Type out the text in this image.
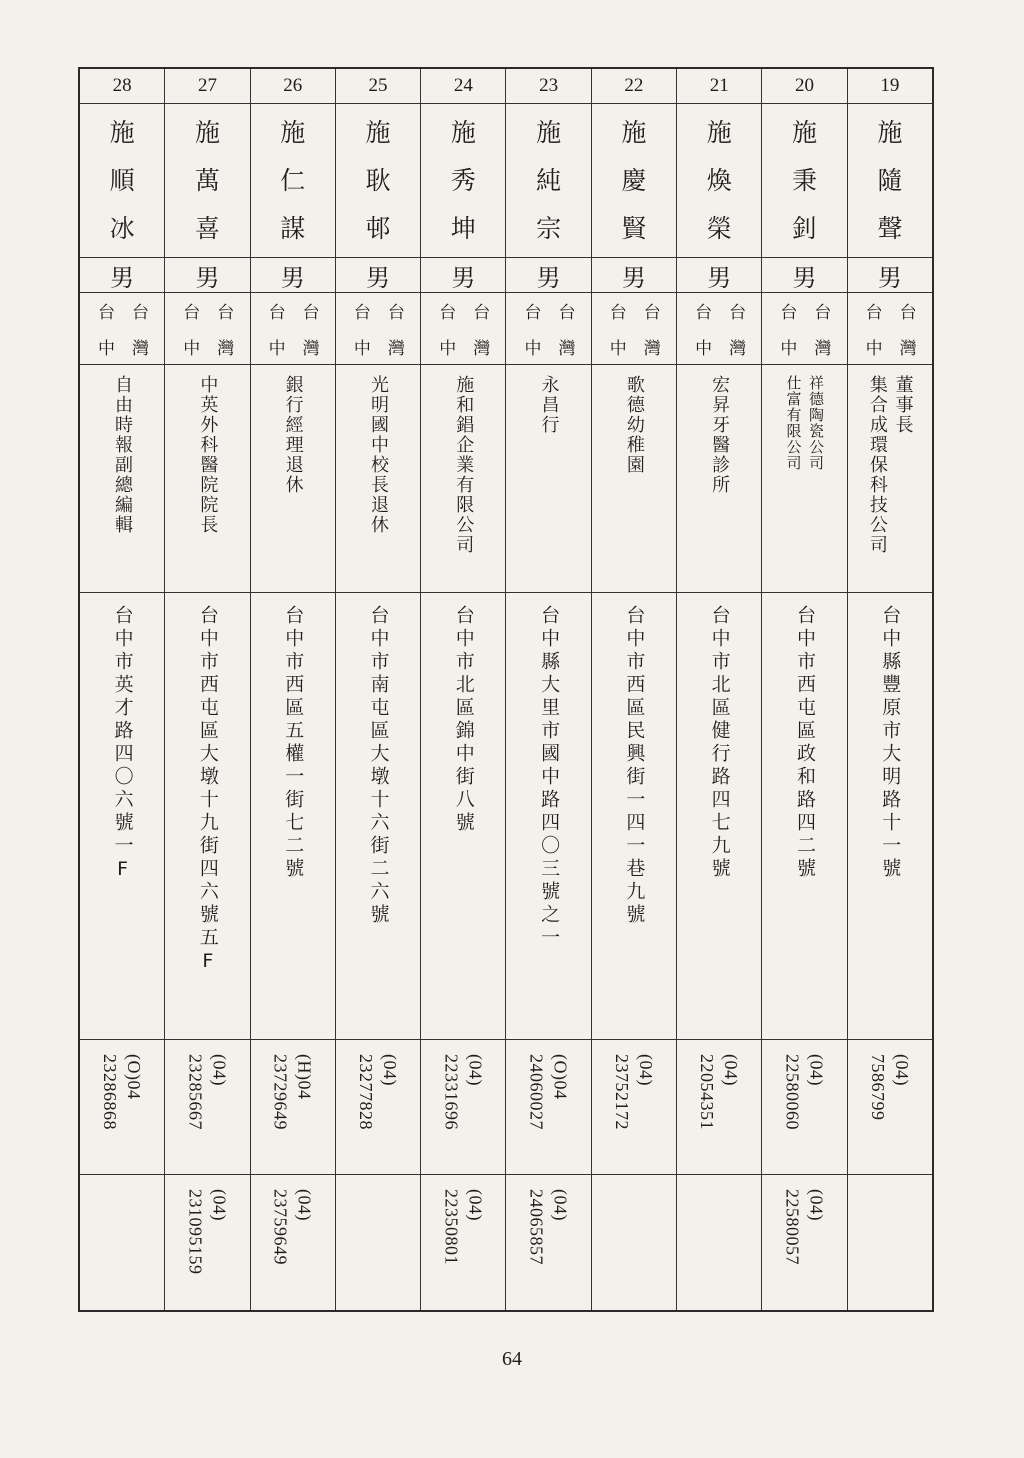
28
施
順
冰
男
台 台
中 灣
自由時報副總編輯
台中市英才路四〇六號一F
(O)04
23286868
27
施
萬
喜
男
台 台
中 灣
中英外科醫院院長
台中市西屯區大墩十九街四六號五F
(04)
23285667
(04)
231095159
26
施
仁
謀
男
台 台
中 灣
銀行經理退休
台中市西區五權一街七二號
(H)04
23729649
(04)
23759649
25
施
耿
邨
男
台 台
中 灣
光明國中校長退休
台中市南屯區大墩十六街二六號
(04)
23277828
24
施
秀
坤
男
台 台
中 灣
施和錩企業有限公司
台中市北區錦中街八號
(04)
22331696
(04)
22350801
23
施
純
宗
男
台 台
中 灣
永昌行
台中縣大里市國中路四〇三號之一
(O)04
24060027
(04)
24065857
22
施
慶
賢
男
台 台
中 灣
歌德幼稚園
台中市西區民興街一四一巷九號
(04)
23752172
21
施
煥
榮
男
台 台
中 灣
宏昇牙醫診所
台中市北區健行路四七九號
(04)
22054351
20
施
秉
釗
男
台 台
中 灣
仕富有限公司 祥德陶瓷公司
台中市西屯區政和路四二號
(04)
22580060
(04)
22580057
19
施
隨
聲
男
台 台
中 灣
集合成環保科技公司 董事長
台中縣豐原市大明路十一號
(04)
7586799
64
